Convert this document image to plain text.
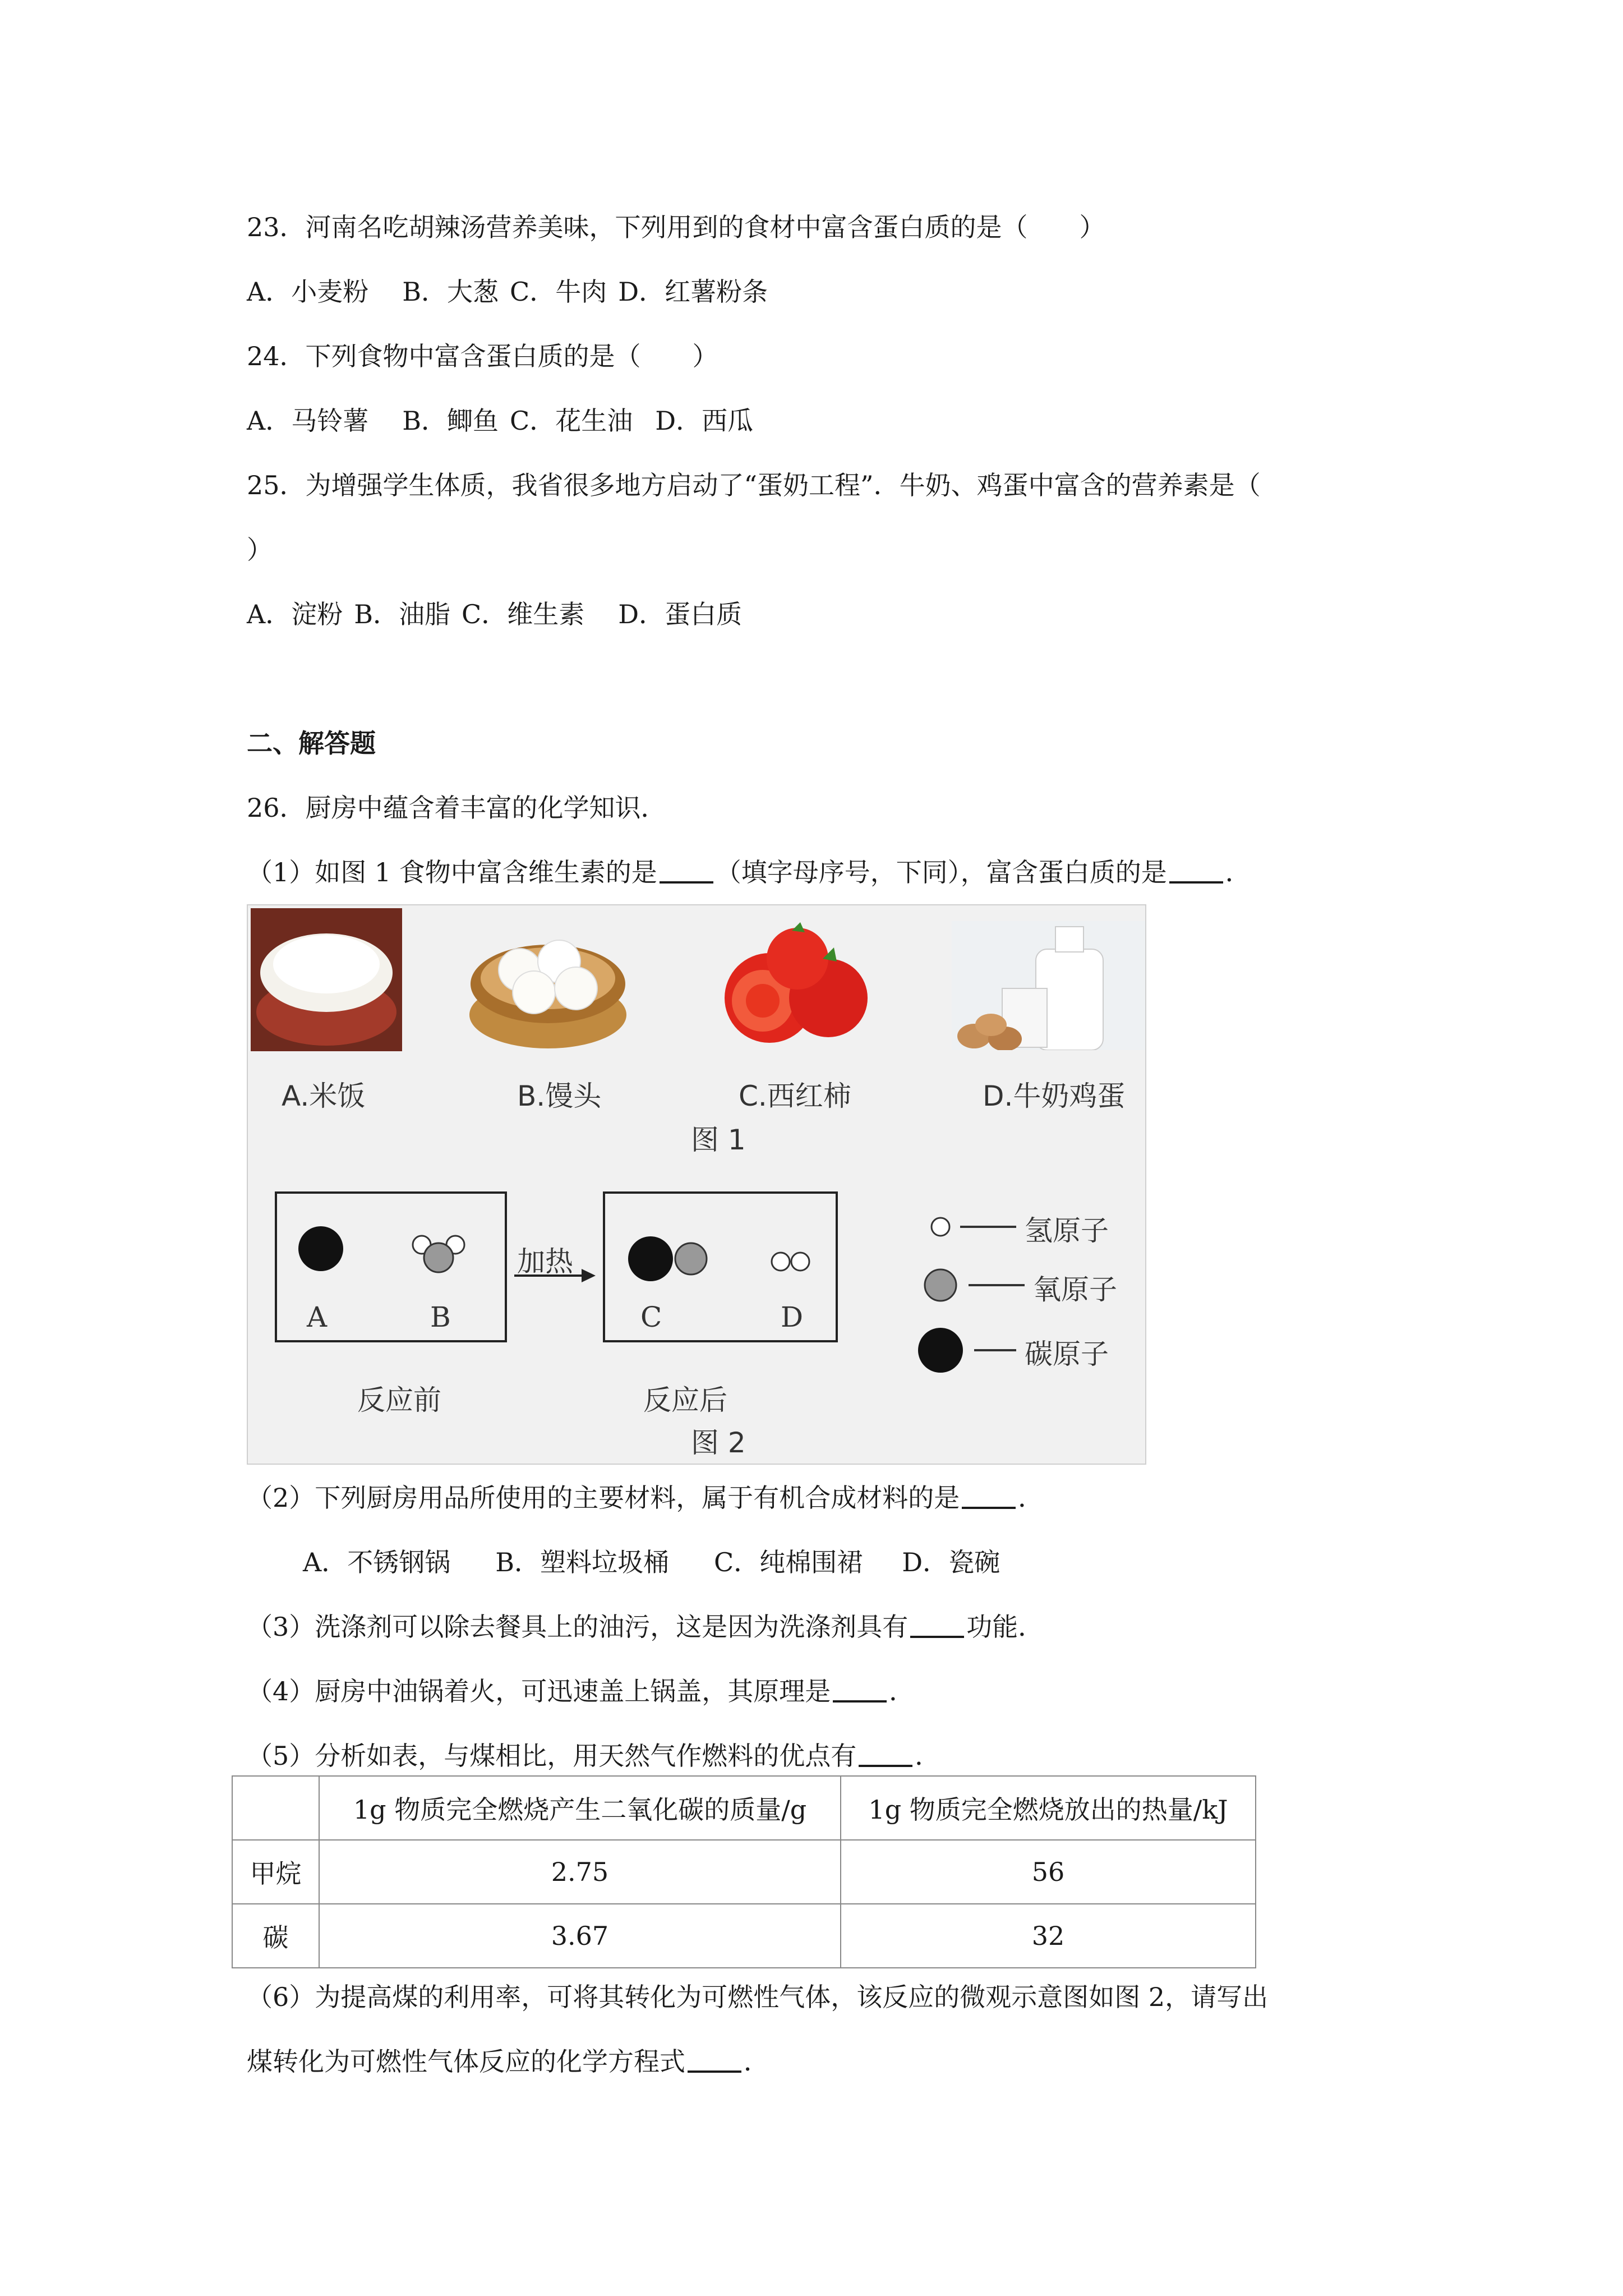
23．河南名吃胡辣汤营养美味，下列用到的食材中富含蛋白质的是（　　）
A．小麦粉 B．大葱 C．牛肉 D．红薯粉条
24．下列食物中富含蛋白质的是（　　）
A．马铃薯 B．鲫鱼 C．花生油 D．西瓜
25．为增强学生体质，我省很多地方启动了“蛋奶工程”．牛奶、鸡蛋中富含的营养素是（
）
A．淀粉 B．油脂 C．维生素 D．蛋白质
二、解答题
26．厨房中蕴含着丰富的化学知识．
（1）如图 1 食物中富含维生素的是 （填字母序号，下同），富含蛋白质的是 ．
A.米饭	B.馒头	C.西红柿	D.牛奶鸡蛋
图 1
A	B	C	D
加热
反应前	反应后
图 2
氢原子
氧原子
碳原子
（2）下列厨房用品所使用的主要材料，属于有机合成材料的是 ．
A．不锈钢锅 B．塑料垃圾桶 C．纯棉围裙 D．瓷碗
（3）洗涤剂可以除去餐具上的油污，这是因为洗涤剂具有 功能．
（4）厨房中油锅着火，可迅速盖上锅盖，其原理是 ．
（5）分析如表，与煤相比，用天然气作燃料的优点有 ．
	1g 物质完全燃烧产生二氧化碳的质量/g	1g 物质完全燃烧放出的热量/kJ
甲烷	2.75	56
碳	3.67	32
（6）为提高煤的利用率，可将其转化为可燃性气体，该反应的微观示意图如图 2，请写出
煤转化为可燃性气体反应的化学方程式 ．
